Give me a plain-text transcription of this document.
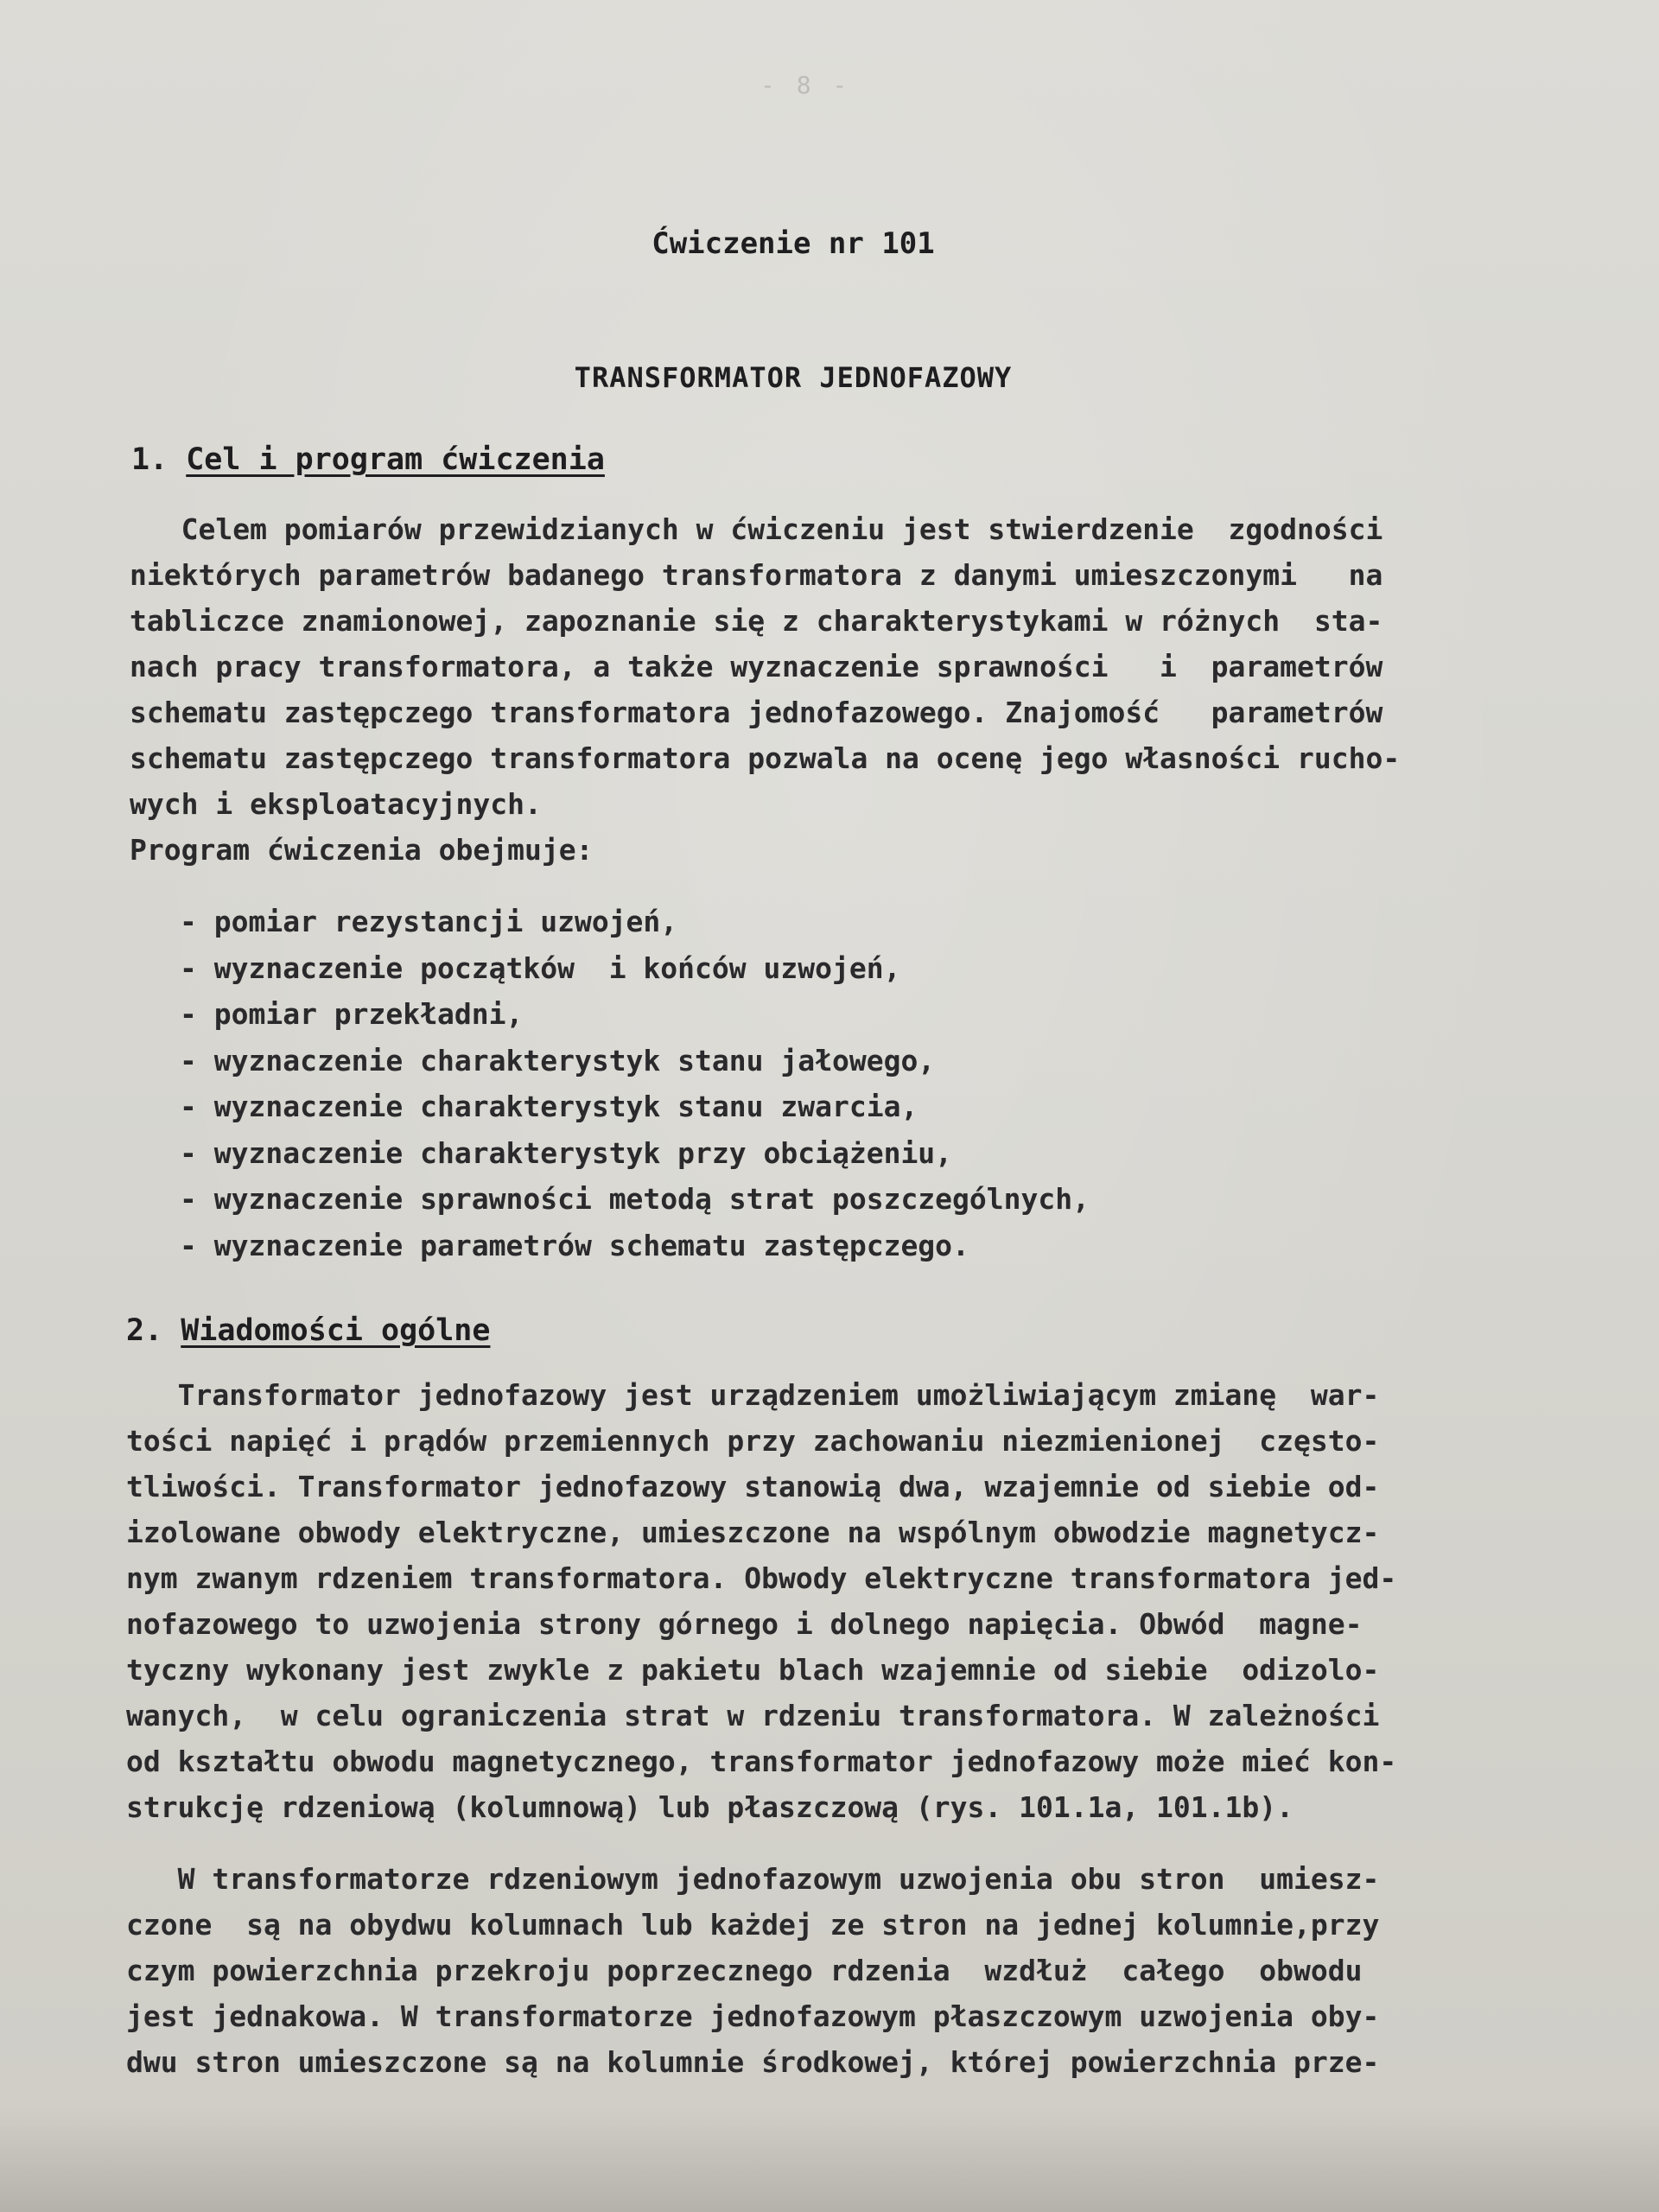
- 8 -
Ćwiczenie nr 101
TRANSFORMATOR JEDNOFAZOWY
1. Cel i program ćwiczenia
Celem pomiarów przewidzianych w ćwiczeniu jest stwierdzenie  zgodności
niektórych parametrów badanego transformatora z danymi umieszczonymi   na
tabliczce znamionowej, zapoznanie się z charakterystykami w różnych  sta-
nach pracy transformatora, a także wyznaczenie sprawności   i  parametrów
schematu zastępczego transformatora jednofazowego. Znajomość   parametrów
schematu zastępczego transformatora pozwala na ocenę jego własności rucho-
wych i eksploatacyjnych.
Program ćwiczenia obejmuje:
- pomiar rezystancji uzwojeń,
- wyznaczenie początków  i końców uzwojeń,
- pomiar przekładni,
- wyznaczenie charakterystyk stanu jałowego,
- wyznaczenie charakterystyk stanu zwarcia,
- wyznaczenie charakterystyk przy obciążeniu,
- wyznaczenie sprawności metodą strat poszczególnych,
- wyznaczenie parametrów schematu zastępczego.
2. Wiadomości ogólne
Transformator jednofazowy jest urządzeniem umożliwiającym zmianę  war-
tości napięć i prądów przemiennych przy zachowaniu niezmienionej  często-
tliwości. Transformator jednofazowy stanowią dwa, wzajemnie od siebie od-
izolowane obwody elektryczne, umieszczone na wspólnym obwodzie magnetycz-
nym zwanym rdzeniem transformatora. Obwody elektryczne transformatora jed-
nofazowego to uzwojenia strony górnego i dolnego napięcia. Obwód  magne-
tyczny wykonany jest zwykle z pakietu blach wzajemnie od siebie  odizolo-
wanych,  w celu ograniczenia strat w rdzeniu transformatora. W zależności
od kształtu obwodu magnetycznego, transformator jednofazowy może mieć kon-
strukcję rdzeniową (kolumnową) lub płaszczową (rys. 101.1a, 101.1b).
W transformatorze rdzeniowym jednofazowym uzwojenia obu stron  umiesz-
czone  są na obydwu kolumnach lub każdej ze stron na jednej kolumnie,przy
czym powierzchnia przekroju poprzecznego rdzenia  wzdłuż  całego  obwodu
jest jednakowa. W transformatorze jednofazowym płaszczowym uzwojenia oby-
dwu stron umieszczone są na kolumnie środkowej, której powierzchnia prze-
